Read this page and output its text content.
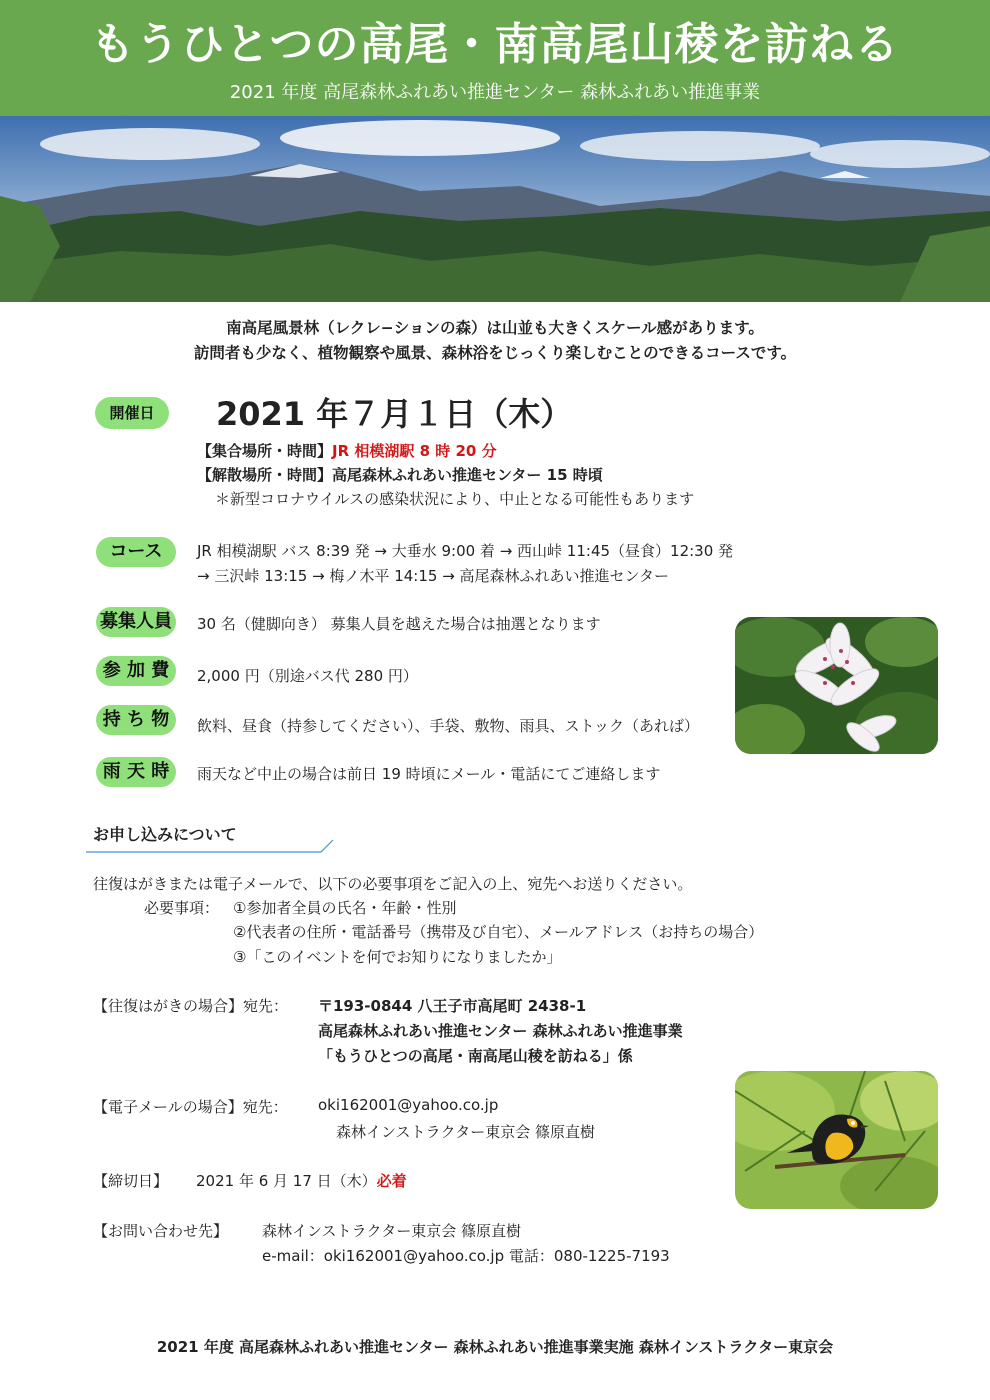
もうひとつの高尾・南高尾山稜を訪ねる
2021 年度 高尾森林ふれあい推進センター 森林ふれあい推進事業
南高尾風景林（レクレ−ションの森）は山並も大きくスケール感があります。
訪問者も少なく、植物観察や風景、森林浴をじっくり楽しむことのできるコースです。
開催日	2021 年７月１日（木）
【集合場所・時間】JR 相模湖駅 8 時 20 分
【解散場所・時間】高尾森林ふれあい推進センター 15 時頃
＊新型コロナウイルスの感染状況により、中止となる可能性もあります
コース	JR 相模湖駅 バス 8:39 発 → 大垂水 9:00 着 → 西山峠 11:45（昼食）12:30 発
→ 三沢峠 13:15 → 梅ノ木平 14:15 → 高尾森林ふれあい推進センター
募集人員 30 名（健脚向き） 募集人員を越えた場合は抽選となります
参 加 費	2,000 円（別途バス代 280 円）
持 ち 物	飲料、昼食（持参してください）、手袋、敷物、雨具、ストック（あれば）
雨 天 時	雨天など中止の場合は前日 19 時頃にメール・電話にてご連絡します
お申し込みについて
往復はがきまたは電子メールで、以下の必要事項をご記入の上、宛先へお送りください。
必要事項： ①参加者全員の氏名・年齢・性別
②代表者の住所・電話番号（携帯及び自宅）、メールアドレス（お持ちの場合）
③「このイベントを何でお知りになりましたか」
【往復はがきの場合】宛先： 〒193-0844 八王子市高尾町 2438-1
高尾森林ふれあい推進センター 森林ふれあい推進事業
「もうひとつの高尾・南高尾山稜を訪ねる」係
【電子メールの場合】宛先： oki162001@yahoo.co.jp
森林インストラクター東京会 篠原直樹
【締切日】 2021 年 6 月 17 日（木）必着
【お問い合わせ先】 森林インストラクター東京会 篠原直樹
e-mail：oki162001@yahoo.co.jp 電話：080-1225-7193
2021 年度 高尾森林ふれあい推進センター 森林ふれあい推進事業実施 森林インストラクター東京会
